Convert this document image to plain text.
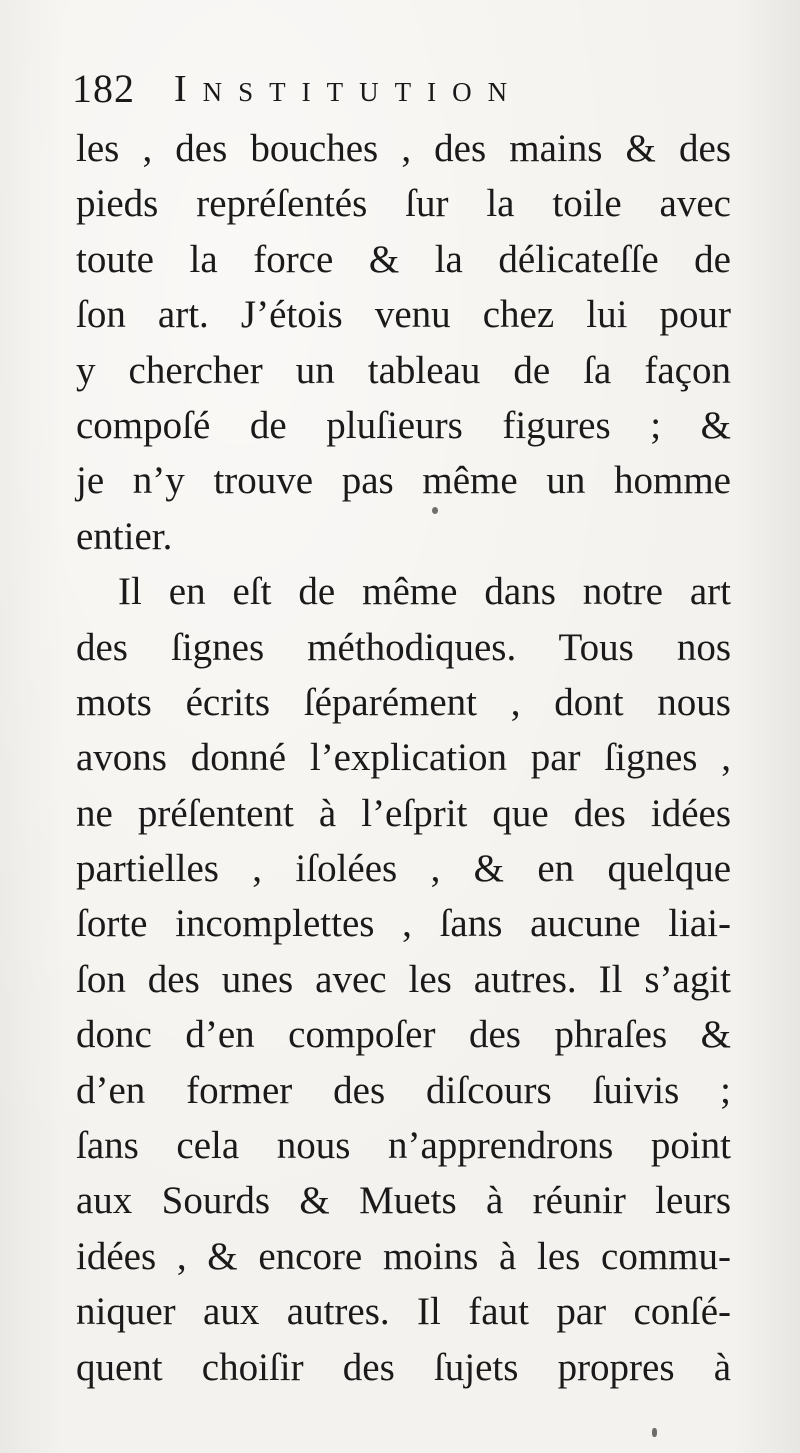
182 Institution
les , des bouches , des mains & des
pieds repréſentés ſur la toile avec
toute la force & la délicateſſe de
ſon art. J’étois venu chez lui pour
y chercher un tableau de ſa façon
compoſé de pluſieurs figures ; &
je n’y trouve pas même un homme
entier.
Il en eſt de même dans notre art
des ſignes méthodiques. Tous nos
mots écrits ſéparément , dont nous
avons donné l’explication par ſignes ,
ne préſentent à l’eſprit que des idées
partielles , iſolées , & en quelque
ſorte incomplettes , ſans aucune liai-
ſon des unes avec les autres. Il s’agit
donc d’en compoſer des phraſes &
d’en former des diſcours ſuivis ;
ſans cela nous n’apprendrons point
aux Sourds & Muets à réunir leurs
idées , & encore moins à les commu-
niquer aux autres. Il faut par conſé-
quent choiſir des ſujets propres à
